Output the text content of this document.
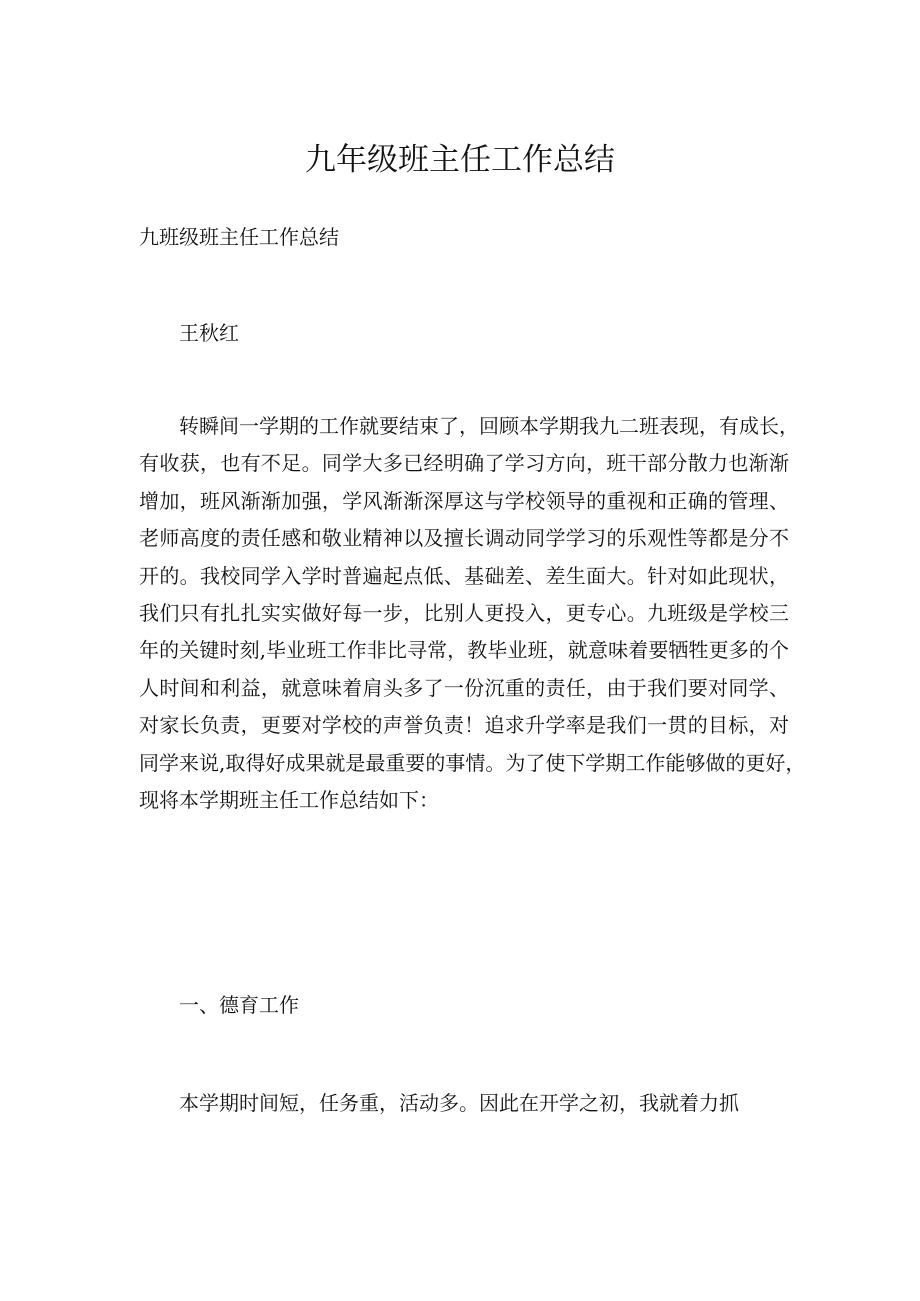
九年级班主任工作总结

九班级班主任工作总结

王秋红

转瞬间一学期的工作就要结束了，回顾本学期我九二班表现，有成长，
有收获，也有不足。同学大多已经明确了学习方向，班干部分散力也渐渐
增加，班风渐渐加强，学风渐渐深厚这与学校领导的重视和正确的管理、
老师高度的责任感和敬业精神以及擅长调动同学学习的乐观性等都是分不
开的。我校同学入学时普遍起点低、基础差、差生面大。针对如此现状，
我们只有扎扎实实做好每一步，比别人更投入，更专心。九班级是学校三
年的关键时刻,毕业班工作非比寻常，教毕业班，就意味着要牺牲更多的个
人时间和利益，就意味着肩头多了一份沉重的责任，由于我们要对同学、
对家长负责，更要对学校的声誉负责！追求升学率是我们一贯的目标，对
同学来说,取得好成果就是最重要的事情。为了使下学期工作能够做的更好，
现将本学期班主任工作总结如下：

一、德育工作

本学期时间短，任务重，活动多。因此在开学之初，我就着力抓
